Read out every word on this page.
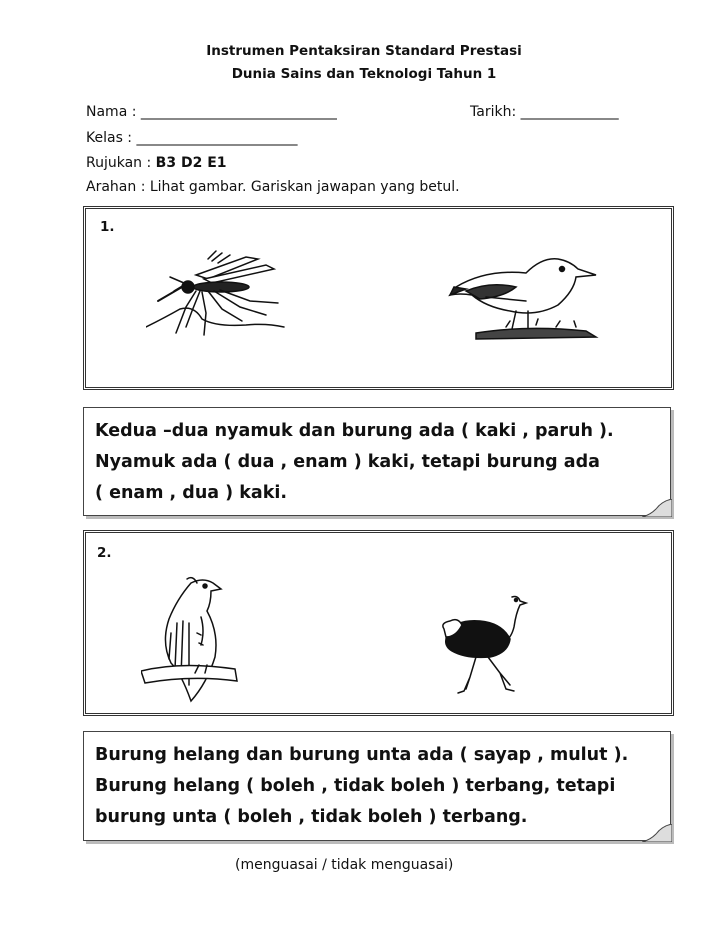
Instrumen Pentaksiran Standard Prestasi
Dunia Sains dan Teknologi Tahun 1
Nama : ____________________________	Tarikh: ______________
Kelas : _______________________
Rujukan : B3 D2 E1
Arahan : Lihat gambar. Gariskan jawapan yang betul.
1.
Kedua –dua nyamuk dan burung ada ( kaki , paruh ).
Nyamuk ada ( dua , enam ) kaki, tetapi burung ada
( enam , dua ) kaki.
2.
Burung helang dan burung unta ada ( sayap , mulut ).
Burung helang ( boleh , tidak boleh ) terbang, tetapi
burung unta ( boleh , tidak boleh ) terbang.
(menguasai / tidak menguasai)
